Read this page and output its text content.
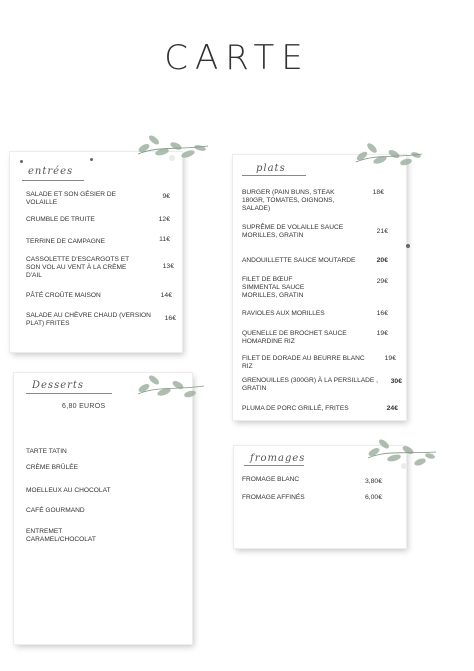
CARTE
entrées
SALADE ET SON GÉSIER DE VOLAILLE
9€
CRUMBLE DE TRUITE	12€
TERRINE DE CAMPAGNE	11€
CASSOLETTE D'ESCARGOTS ET SON VOL AU VENT À LA CRÈME D'AIL
13€
PÂTÉ CROÛTE MAISON	14€
SALADE AU CHÈVRE CHAUD (VERSION PLAT) FRITES
16€
plats
BURGER (PAIN BUNS, STEAK 180GR, TOMATES, OIGNONS, SALADE)
18€
SUPRÊME DE VOLAILLE SAUCE MORILLES, GRATIN
21€
ANDOUILLETTE SAUCE MOUTARDE	20€
FILET DE BŒUF SIMMENTAL SAUCE MORILLES, GRATIN
29€
RAVIOLES AUX MORILLES	16€
QUENELLE DE BROCHET SAUCE HOMARDINE RIZ
19€
FILET DE DORADE AU BEURRE BLANC RIZ
19€
GRENOUILLES (300GR) À LA PERSILLADE , GRATIN
30€
PLUMA DE PORC GRILLÉ, FRITES	24€
Desserts
6,80 EUROS
TARTE TATIN
CRÈME BRÛLÉE
MOELLEUX AU CHOCOLAT
CAFÉ GOURMAND
ENTREMET CARAMEL/CHOCOLAT
fromages
FROMAGE BLANC	3,80€
FROMAGE AFFINÉS	6,00€
